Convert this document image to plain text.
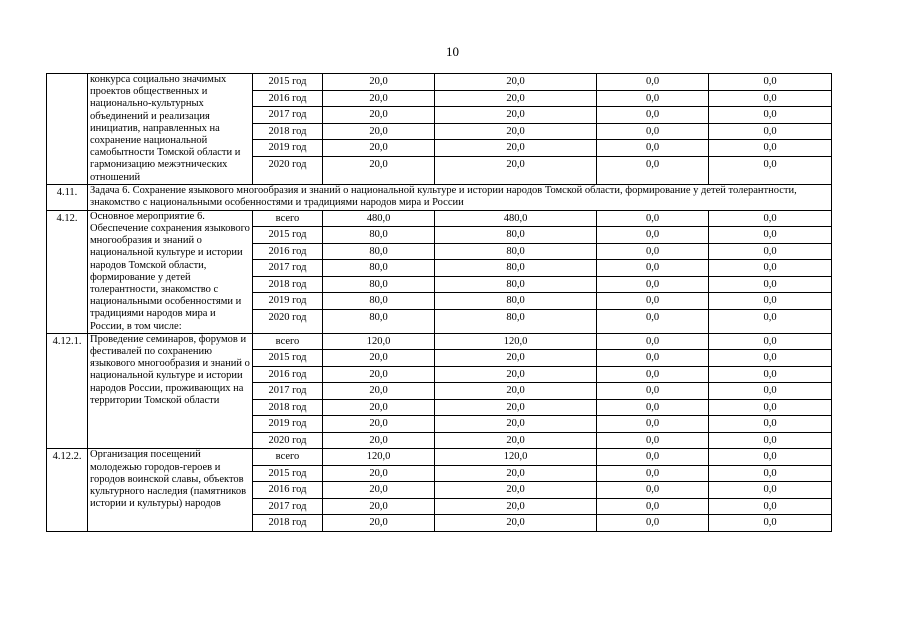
10
	конкурса социально значимых проектов общественных и национально-культурных объединений и реализация инициатив, направленных на сохранение национальной самобытности Томской области и гармонизацию межэтнических отношений	2015 год	20,0	20,0	0,0	0,0
		2016 год	20,0	20,0	0,0	0,0
		2017 год	20,0	20,0	0,0	0,0
		2018 год	20,0	20,0	0,0	0,0
		2019 год	20,0	20,0	0,0	0,0
		2020 год	20,0	20,0	0,0	0,0

4.11.	Задача 6. Сохранение языкового многообразия и знаний о национальной культуре и истории народов Томской области, формирование у детей толерантности, знакомство с национальными особенностями и традициями народов мира и России					
4.12.	Основное мероприятие 6. Обеспечение сохранения языкового многообразия и знаний о национальной культуре и истории народов Томской области, формирование у детей толерантности, знакомство с национальными особенностями и традициями народов мира и России, в том числе:	всего	480,0	480,0	0,0	0,0
		2015 год	80,0	80,0	0,0	0,0
		2016 год	80,0	80,0	0,0	0,0
		2017 год	80,0	80,0	0,0	0,0
		2018 год	80,0	80,0	0,0	0,0
		2019 год	80,0	80,0	0,0	0,0
		2020 год	80,0	80,0	0,0	0,0

4.12.1.	Проведение семинаров, форумов и фестивалей по сохранению языкового многообразия и знаний о национальной культуре и истории народов России, проживающих на территории Томской области	всего	120,0	120,0	0,0	0,0
		2015 год	20,0	20,0	0,0	0,0
		2016 год	20,0	20,0	0,0	0,0
		2017 год	20,0	20,0	0,0	0,0
		2018 год	20,0	20,0	0,0	0,0
		2019 год	20,0	20,0	0,0	0,0
		2020 год	20,0	20,0	0,0	0,0
4.12.2.	Организация посещений молодежью городов-героев и городов воинской славы, объектов культурного наследия (памятников истории и культуры) народов	всего	120,0	120,0	0,0	0,0
		2015 год	20,0	20,0	0,0	0,0
		2016 год	20,0	20,0	0,0	0,0
		2017 год	20,0	20,0	0,0	0,0
		2018 год	20,0	20,0	0,0	0,0
